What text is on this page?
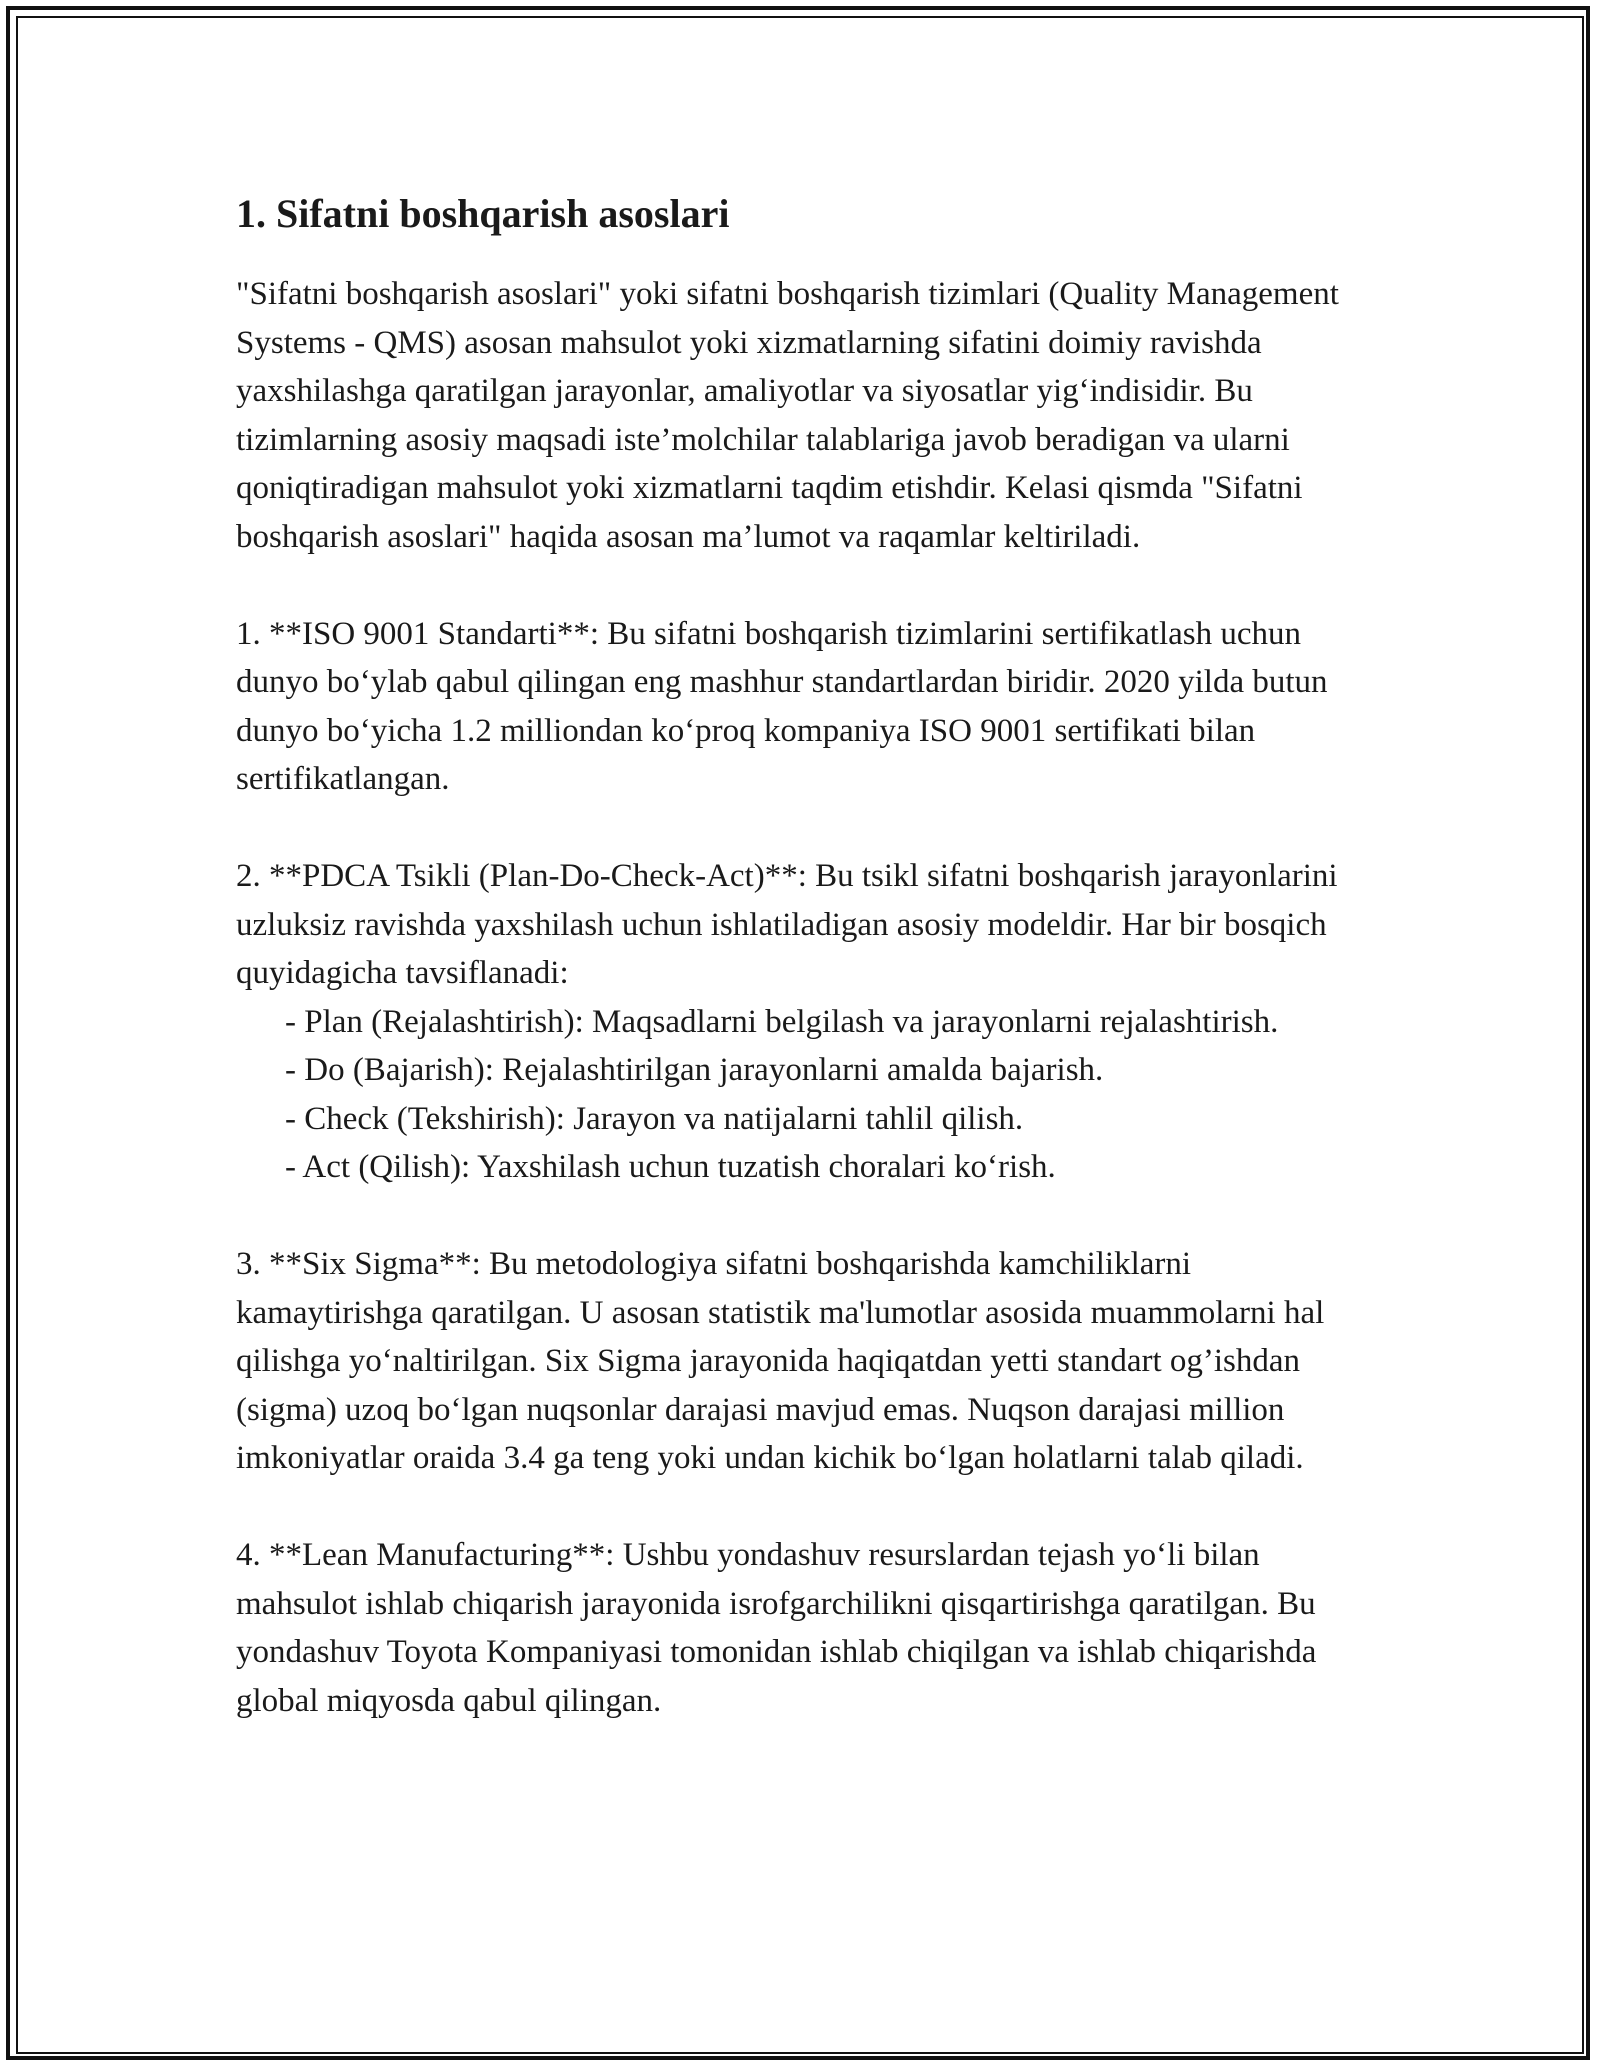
1. Sifatni boshqarish asoslari

"Sifatni boshqarish asoslari" yoki sifatni boshqarish tizimlari (Quality Management Systems - QMS) asosan mahsulot yoki xizmatlarning sifatini doimiy ravishda yaxshilashga qaratilgan jarayonlar, amaliyotlar va siyosatlar yig‘indisidir. Bu tizimlarning asosiy maqsadi iste’molchilar talablariga javob beradigan va ularni qoniqtiradigan mahsulot yoki xizmatlarni taqdim etishdir. Kelasi qismda "Sifatni boshqarish asoslari" haqida asosan ma’lumot va raqamlar keltiriladi.

1. **ISO 9001 Standarti**: Bu sifatni boshqarish tizimlarini sertifikatlash uchun dunyo bo‘ylab qabul qilingan eng mashhur standartlardan biridir. 2020 yilda butun dunyo bo‘yicha 1.2 milliondan ko‘proq kompaniya ISO 9001 sertifikati bilan sertifikatlangan.

2. **PDCA Tsikli (Plan-Do-Check-Act)**: Bu tsikl sifatni boshqarish jarayonlarini uzluksiz ravishda yaxshilash uchun ishlatiladigan asosiy modeldir. Har bir bosqich quyidagicha tavsiflanadi:

- Plan (Rejalashtirish): Maqsadlarni belgilash va jarayonlarni rejalashtirish.

- Do (Bajarish): Rejalashtirilgan jarayonlarni amalda bajarish.

- Check (Tekshirish): Jarayon va natijalarni tahlil qilish.

- Act (Qilish): Yaxshilash uchun tuzatish choralari ko‘rish.

3. **Six Sigma**: Bu metodologiya sifatni boshqarishda kamchiliklarni kamaytirishga qaratilgan. U asosan statistik ma'lumotlar asosida muammolarni hal qilishga yo‘naltirilgan. Six Sigma jarayonida haqiqatdan yetti standart og’ishdan (sigma) uzoq bo‘lgan nuqsonlar darajasi mavjud emas. Nuqson darajasi million imkoniyatlar oraida 3.4 ga teng yoki undan kichik bo‘lgan holatlarni talab qiladi.

4. **Lean Manufacturing**: Ushbu yondashuv resurslardan tejash yo‘li bilan mahsulot ishlab chiqarish jarayonida isrofgarchilikni qisqartirishga qaratilgan. Bu yondashuv Toyota Kompaniyasi tomonidan ishlab chiqilgan va ishlab chiqarishda global miqyosda qabul qilingan.
